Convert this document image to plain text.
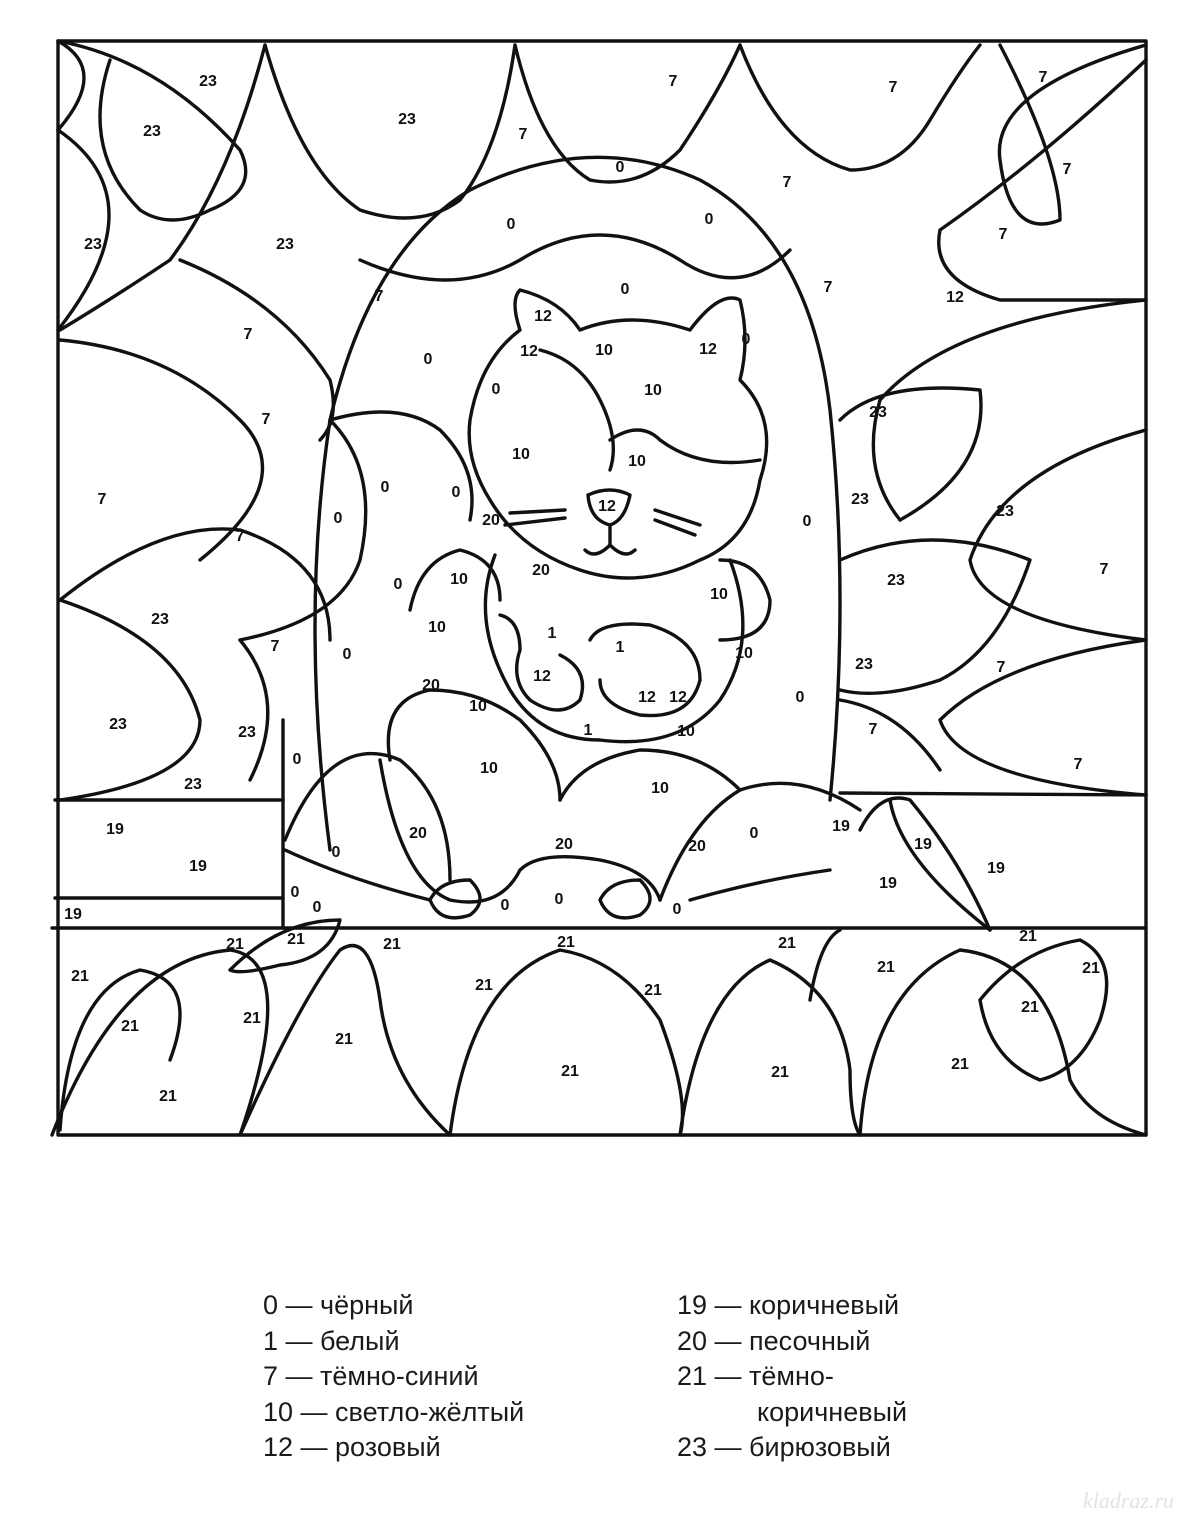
23
23
23
7	7
7
7
7
23	23
0	0
0
7
7
0
12
7
7
12
10
12	12
0
7
0
10
7	23
0
10	10
0
0
23
23
7
20
12
0
0
10
20
23
7
0
7
10
10
23
0
1
1
23
10
7
12
12 12	0
20
10
23	23	1	10	7
0
7
7
23
10
10
19
19
0
20
20	20
0	19
19
19
19
0
0	0	0
0
19
21
21
21
21	21	21	21	21
21
21
21	21
21	21
21
21
21	21	21
0 — чёрный
1 — белый
7 — тёмно-синий
10 — светло-жёлтый
12 — розовый
19 — коричневый
20 — песочный
21 — тёмно-
коричневый
23 — бирюзовый
kladraz.ru
